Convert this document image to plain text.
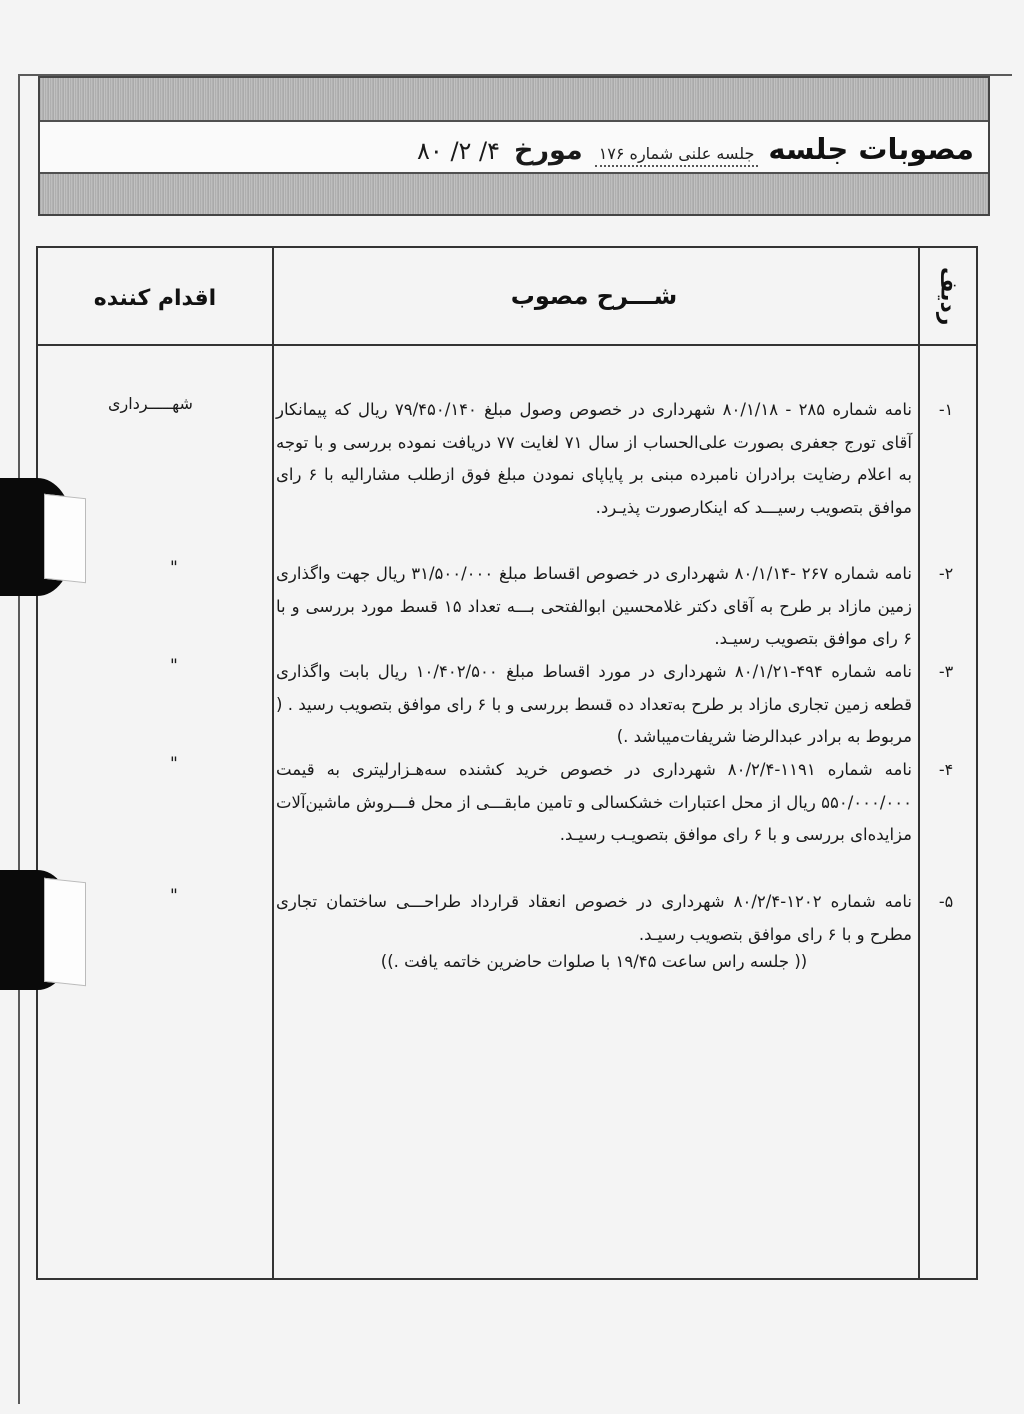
مصوبات جلسه
جلسه علنی شماره ۱۷۶
مورخ
۴/ ۲/ ۸۰
ردیف
شـــرح مصوب
اقدام کننده
۱-
نامه شماره ۲۸۵ - ۸۰/۱/۱۸ شهرداری در خصوص وصول مبلغ ۷۹/۴۵۰/۱۴۰ ریال که پیمانکار آقای تورج جعفری بصورت علی‌الحساب از سال ۷۱ لغایت ۷۷ دریافت نموده بررسی و با توجه به اعلام رضایت برادران نامبرده مبنی بر پایاپای نمودن مبلغ فوق ازطلب مشارالیه با ۶ رای موافق بتصویب رسیـــد که اینکارصورت پذیـرد.
شهـــــرداری
۲-
نامه شماره ۲۶۷ -۸۰/۱/۱۴ شهرداری در خصوص اقساط مبلغ ۳۱/۵۰۰/۰۰۰ ریال جهت واگذاری زمین مازاد بر طرح به آقای دکتر غلامحسین ابوالفتحی بـــه تعداد ۱۵ قسط مورد بررسی و با ۶ رای موافق بتصویب رسیـد.
"
۳-
نامه شماره ۴۹۴-۸۰/۱/۲۱ شهرداری در مورد اقساط مبلغ ۱۰/۴۰۲/۵۰۰ ریال بابت واگذاری قطعه زمین تجاری مازاد بر طرح به‌تعداد ده قسط بررسی و با ۶ رای موافق بتصویب رسید . ( مربوط به برادر عبدالرضا شریفات‌میباشد .)
"
۴-
نامه شماره ۱۱۹۱-۸۰/۲/۴ شهرداری در خصوص خرید کشنده سه‌هـزارلیتری به قیمت ۵۵۰/۰۰۰/۰۰۰ ریال از محل اعتبارات خشکسالی و تامین مابقـــی از محل فـــروش ماشین‌آلات مزایده‌ای بررسی و با ۶ رای موافق بتصویـب رسیـد.
"
۵-
نامه شماره ۱۲۰۲-۸۰/۲/۴ شهرداری در خصوص انعقاد قرارداد طراحـــی ساختمان تجاری مطرح و با ۶ رای موافق بتصویب رسیـد.
"
(( جلسه راس ساعت ۱۹/۴۵ با صلوات حاضرین خاتمه یافت .))
